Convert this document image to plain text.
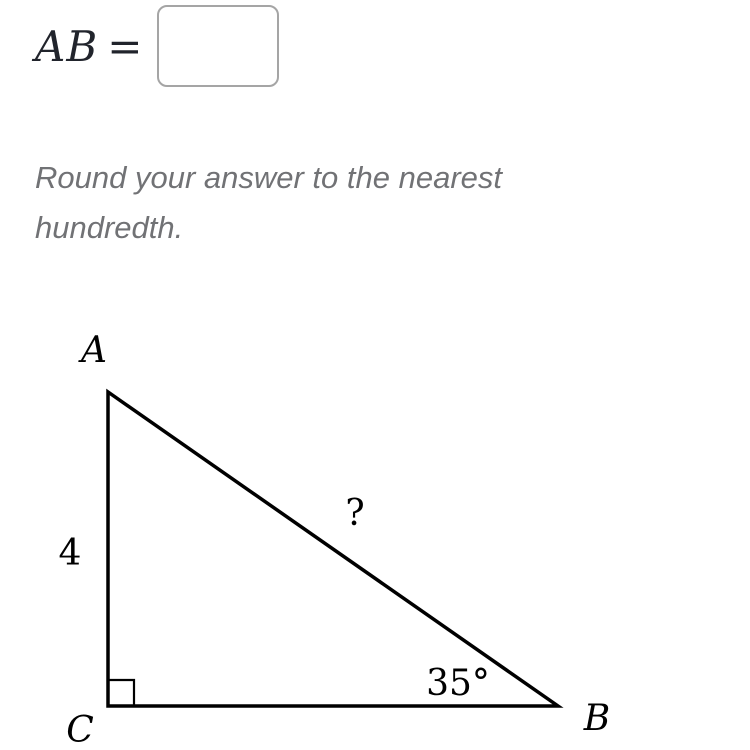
AB =
Round your answer to the nearest
hundredth.
A
4
?
35°
C	B
